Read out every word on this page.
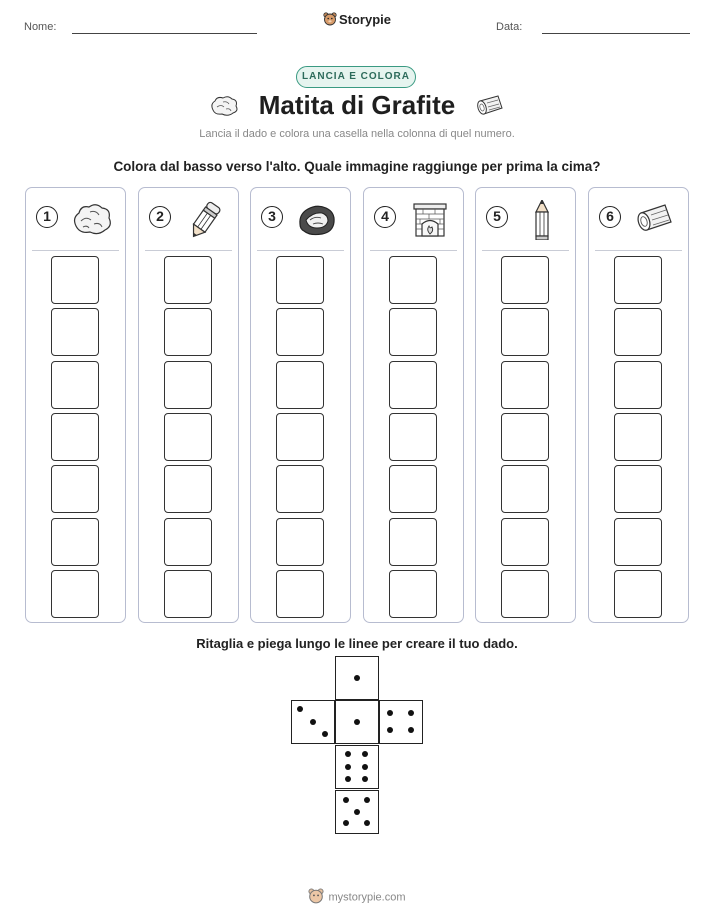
Nome:	Storypie	Data:
LANCIA E COLORA
Matita di Grafite
Lancia il dado e colora una casella nella colonna di quel numero.
Colora dal basso verso l'alto. Quale immagine raggiunge per prima la cima?
1	2	3	4	5	6
Ritaglia e piega lungo le linee per creare il tuo dado.
mystorypie.com
